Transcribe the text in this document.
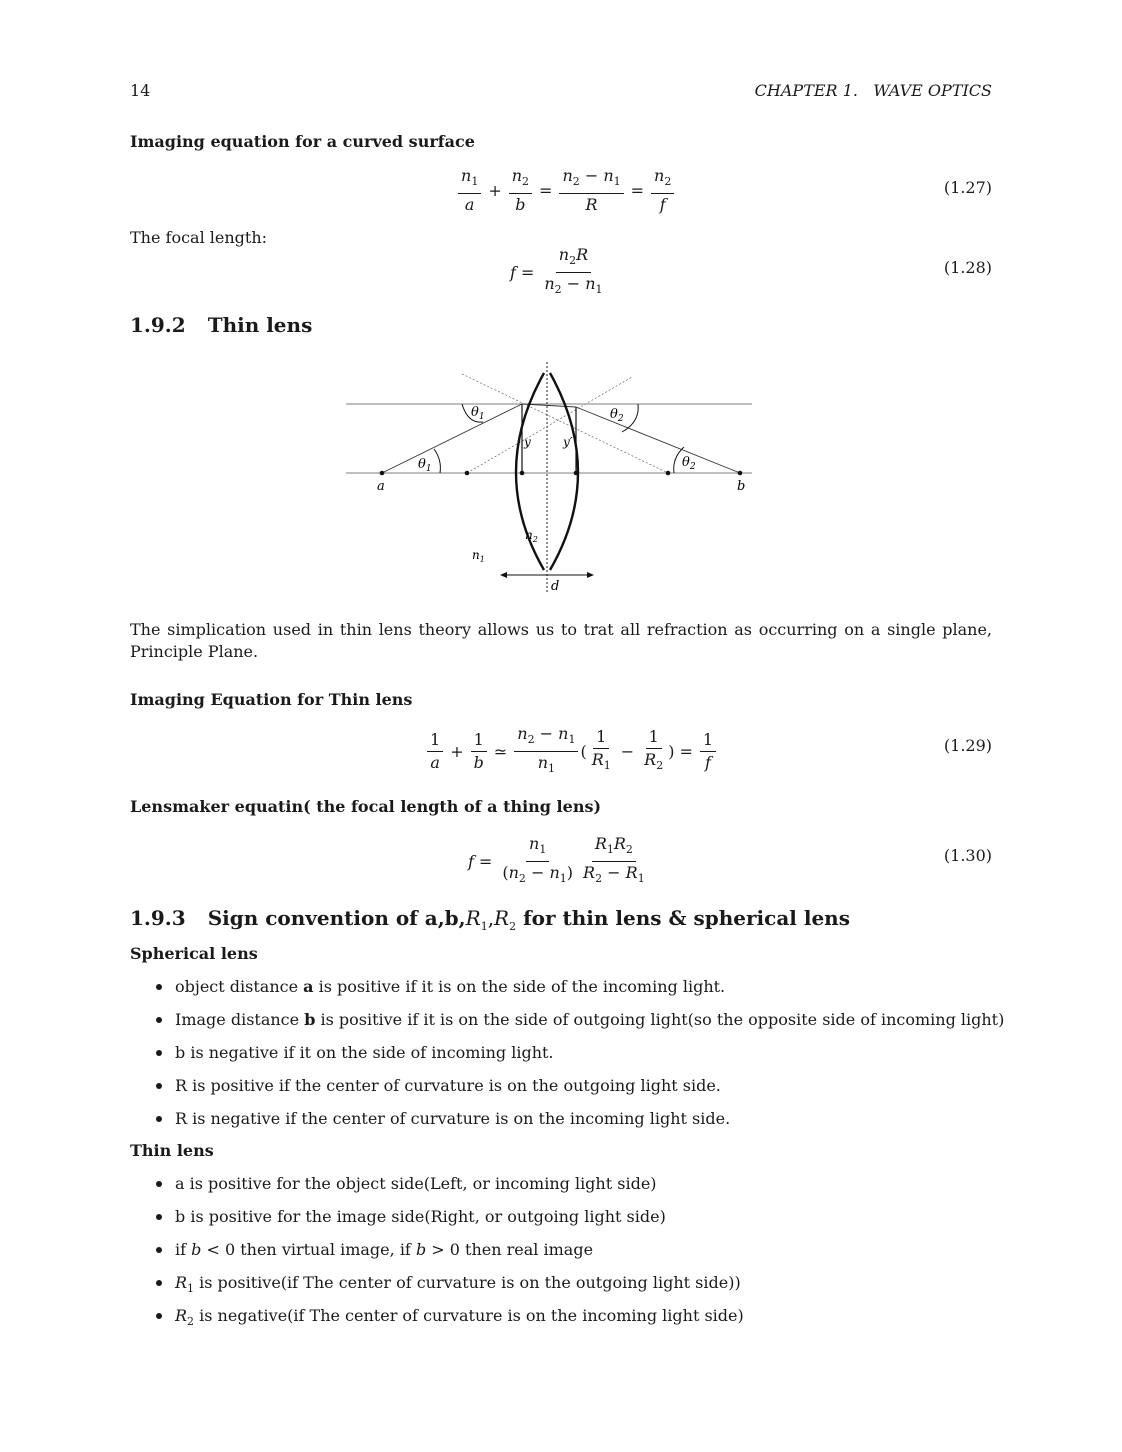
14	CHAPTER 1.   WAVE OPTICS
Imaging equation for a curved surface
$\frac{n_1}{a} + \frac{n_2}{b} = \frac{n_2 - n_1}{R} = \frac{n_2}{f}$	(1.27)
The focal length:
$f = \frac{n_2R}{n_2 - n_1}$	(1.28)
1.9.2 Thin lens
$\theta_1$	$\theta_2$
$\theta_1$	$\theta_2$
y	y′
a	b
$n_2$
$n_1$
d
The simplication used in thin lens theory allows us to trat all refraction as occurring on a single plane, Principle Plane.
Imaging Equation for Thin lens
$\frac{1}{a} + \frac{1}{b}$ ≃ $\frac{n_2 - n_1}{n_1}$ ( $\frac{1}{R_1} - \frac{1}{R_2}$ ) = $\frac{1}{f}$	(1.29)
Lensmaker equatin( the focal length of a thing lens)
$f = \frac{n_1}{(n_2 - n_1)} \frac{R_1R_2}{R_2 - R_1}$	(1.30)
1.9.3 Sign convention of $a,b,R_1,R_2$ for thin lens & spherical lens
Spherical lens
object distance a is positive if it is on the side of the incoming light.
Image distance b is positive if it is on the side of outgoing light(so the opposite side of incoming light)
b is negative if it on the side of incoming light.
R is positive if the center of curvature is on the outgoing light side.
R is negative if the center of curvature is on the incoming light side.
Thin lens
a is positive for the object side(Left, or incoming light side)
b is positive for the image side(Right, or outgoing light side)
if b < 0 then virtual image, if b > 0 then real image
$R_1$ is positive(if The center of curvature is on the outgoing light side))
$R_2$ is negative(if The center of curvature is on the incoming light side)
